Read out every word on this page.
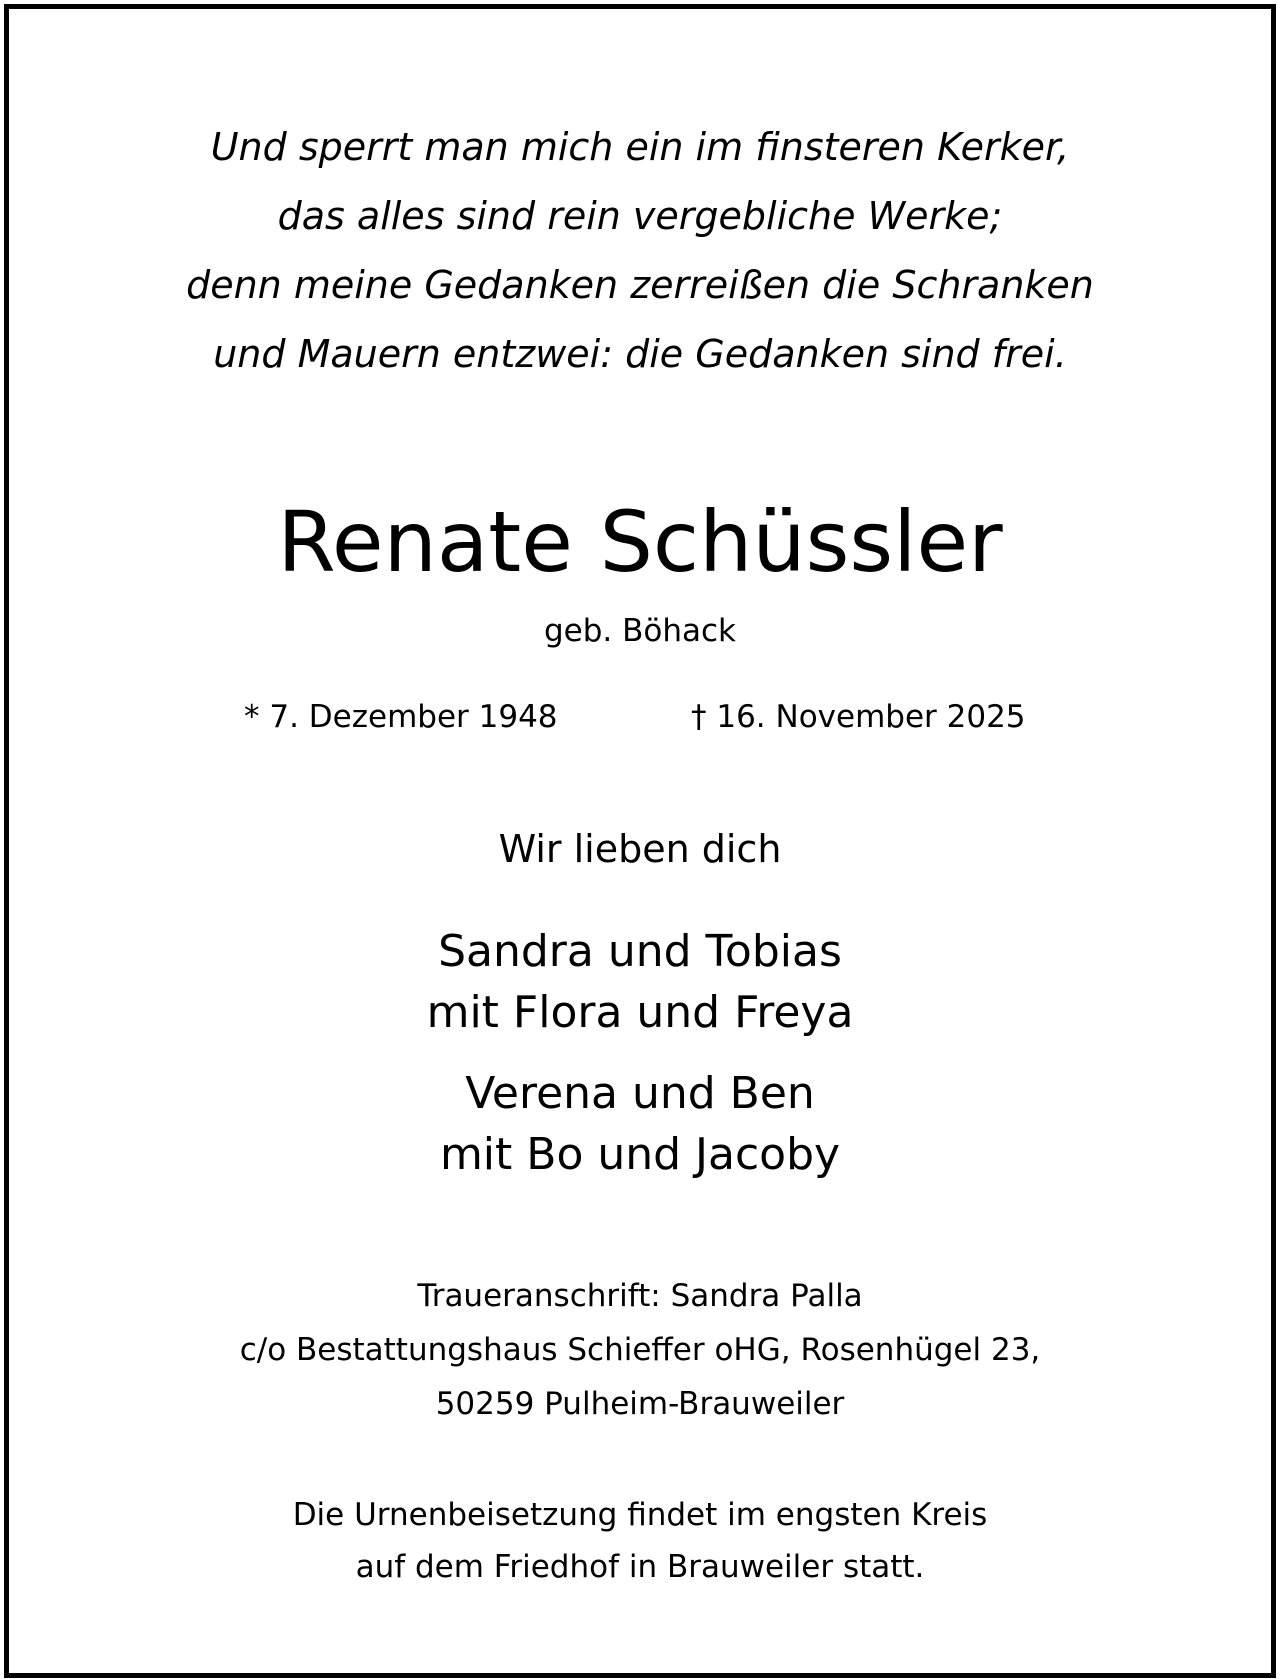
Und sperrt man mich ein im finsteren Kerker,
das alles sind rein vergebliche Werke;
denn meine Gedanken zerreißen die Schranken
und Mauern entzwei: die Gedanken sind frei.
Renate Schüssler
geb. Böhack
* 7. Dezember 1948	† 16. November 2025
Wir lieben dich
Sandra und Tobias
mit Flora und Freya
Verena und Ben
mit Bo und Jacoby
Traueranschrift: Sandra Palla
c/o Bestattungshaus Schieffer oHG, Rosenhügel 23,
50259 Pulheim-Brauweiler
Die Urnenbeisetzung findet im engsten Kreis
auf dem Friedhof in Brauweiler statt.
